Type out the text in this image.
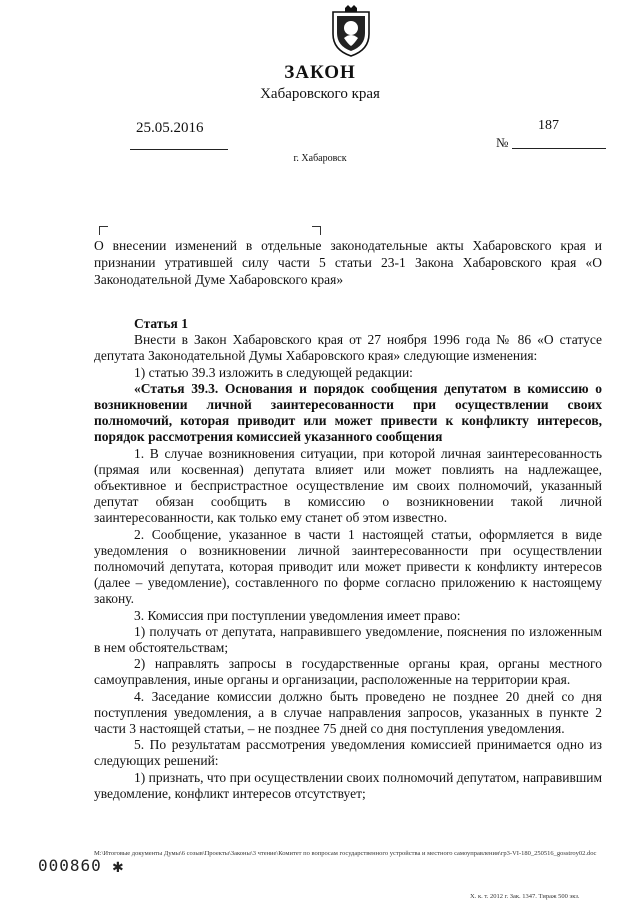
ЗАКОН
Хабаровского края
25.05.2016	187
№
г. Хабаровск
О внесении изменений в отдельные законодательные акты Хабаровского края и признании утратившей силу части 5 статьи 23-1 Закона Хабаровского края «О Законодательной Думе Хабаровского края»

Статья 1

Внести в Закон Хабаровского края от 27 ноября 1996 года № 86 «О статусе депутата Законодательной Думы Хабаровского края» следующие изменения:

1) статью 39.3 изложить в следующей редакции:

«Статья 39.3. Основания и порядок сообщения депутатом в комиссию о возникновении личной заинтересованности при осуществлении своих полномочий, которая приводит или может привести к конфликту интересов, порядок рассмотрения комиссией указанного сообщения

1. В случае возникновения ситуации, при которой личная заинтересованность (прямая или косвенная) депутата влияет или может повлиять на надлежащее, объективное и беспристрастное осуществление им своих полномочий, указанный депутат обязан сообщить в комиссию о возникновении такой личной заинтересованности, как только ему станет об этом известно.

2. Сообщение, указанное в части 1 настоящей статьи, оформляется в виде уведомления о возникновении личной заинтересованности при осуществлении полномочий депутата, которая приводит или может привести к конфликту интересов (далее – уведомление), составленного по форме согласно приложению к настоящему закону.

3. Комиссия при поступлении уведомления имеет право:

1) получать от депутата, направившего уведомление, пояснения по изложенным в нем обстоятельствам;

2) направлять запросы в государственные органы края, органы местного самоуправления, иные органы и организации, расположенные на территории края.

4. Заседание комиссии должно быть проведено не позднее 20 дней со дня поступления уведомления, а в случае направления запросов, указанных в пункте 2 части 3 настоящей статьи, – не позднее 75 дней со дня поступления уведомления.

5. По результатам рассмотрения уведомления комиссией принимается одно из следующих решений:

1) признать, что при осуществлении своих полномочий депутатом, направившим уведомление, конфликт интересов отсутствует;

М:\Итоговые документы Думы\6 созыв\Проекты\Законы\3 чтение\Комитет по вопросам государственного устройства и местного самоуправления\гр3-VI-180_250516_gosstroy02.doc
000860 ✱
Х. к. т. 2012 г. Зак. 1347. Тираж 500 экз.
